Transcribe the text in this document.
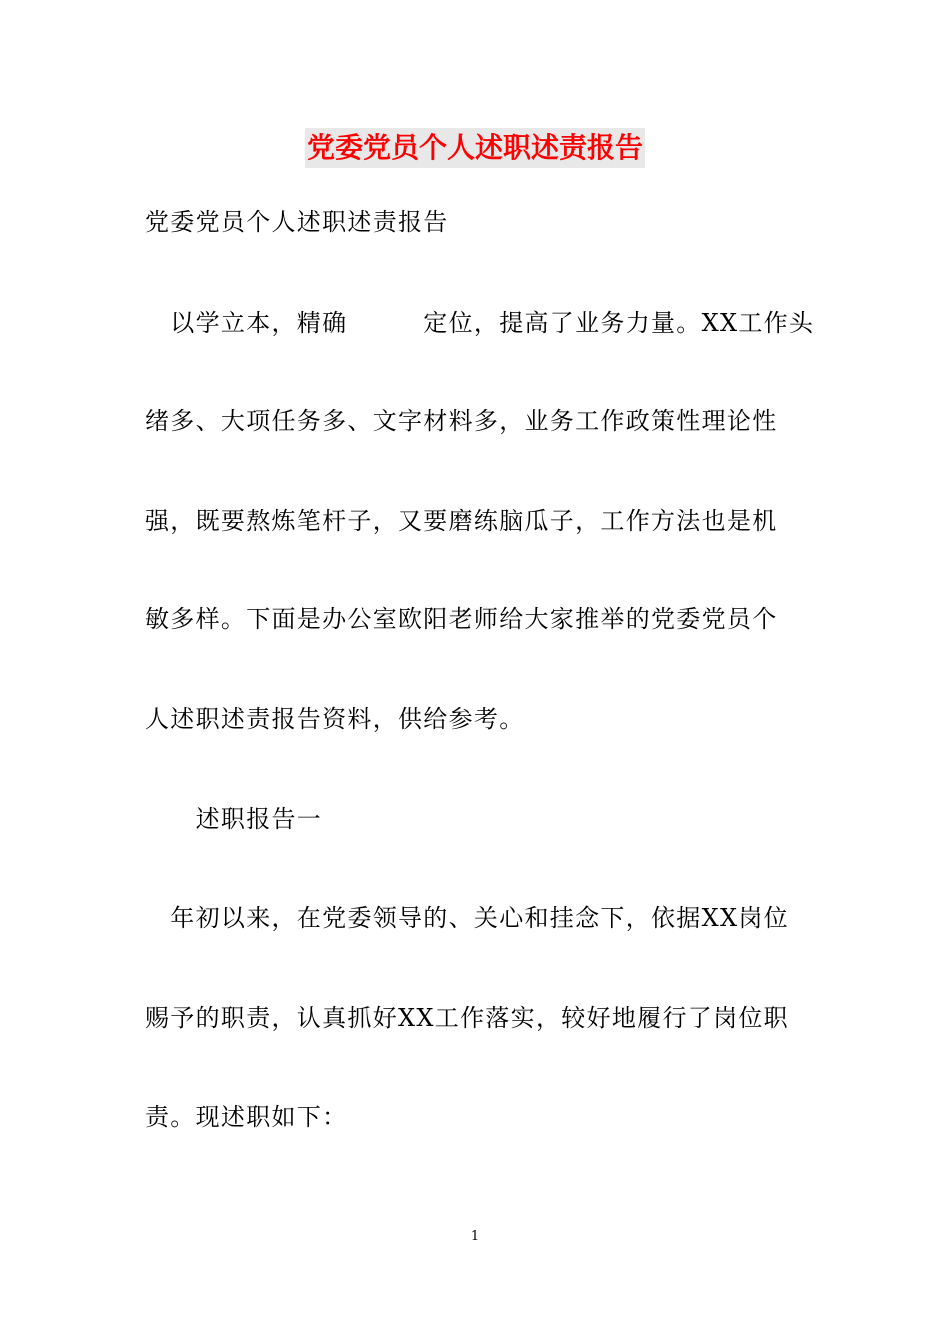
党委党员个人述职述责报告
党委党员个人述职述责报告
　以学立本，精确　　　定位，提高了业务力量。XX工作头
绪多、大项任务多、文字材料多，业务工作政策性理论性
强，既要熬炼笔杆子，又要磨练脑瓜子，工作方法也是机
敏多样。下面是办公室欧阳老师给大家推举的党委党员个
人述职述责报告资料，供给参考。
　　述职报告一
　年初以来，在党委领导的、关心和挂念下，依据XX岗位
赐予的职责，认真抓好XX工作落实，较好地履行了岗位职
责。现述职如下：
1
